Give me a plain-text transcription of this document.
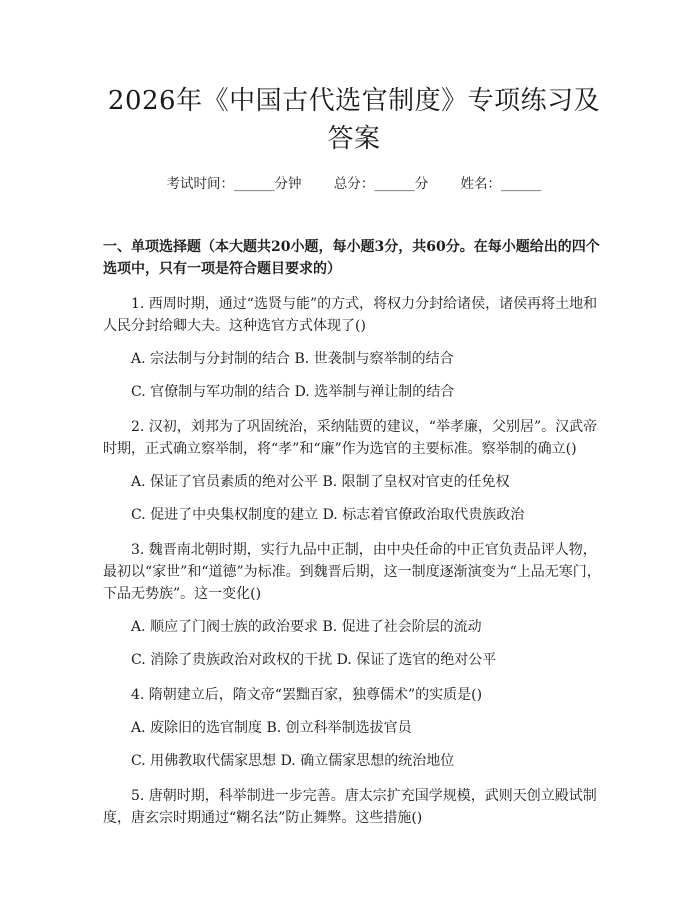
2026年《中国古代选官制度》专项练习及答案
考试时间：______分钟 总分：______分 姓名：______
一、单项选择题（本大题共20小题，每小题3分，共60分。在每小题给出的四个选项中，只有一项是符合题目要求的）
1. 西周时期，通过“选贤与能”的方式，将权力分封给诸侯，诸侯再将土地和人民分封给卿大夫。这种选官方式体现了()
A. 宗法制与分封制的结合 B. 世袭制与察举制的结合
C. 官僚制与军功制的结合 D. 选举制与禅让制的结合
2. 汉初，刘邦为了巩固统治，采纳陆贾的建议，“举孝廉，父别居”。汉武帝时期，正式确立察举制，将“孝”和“廉”作为选官的主要标准。察举制的确立()
A. 保证了官员素质的绝对公平 B. 限制了皇权对官吏的任免权
C. 促进了中央集权制度的建立 D. 标志着官僚政治取代贵族政治
3. 魏晋南北朝时期，实行九品中正制，由中央任命的中正官负责品评人物，最初以“家世”和“道德”为标准。到魏晋后期，这一制度逐渐演变为“上品无寒门，下品无势族”。这一变化()
A. 顺应了门阀士族的政治要求 B. 促进了社会阶层的流动
C. 消除了贵族政治对政权的干扰 D. 保证了选官的绝对公平
4. 隋朝建立后，隋文帝“罢黜百家，独尊儒术”的实质是()
A. 废除旧的选官制度 B. 创立科举制选拔官员
C. 用佛教取代儒家思想 D. 确立儒家思想的统治地位
5. 唐朝时期，科举制进一步完善。唐太宗扩充国学规模，武则天创立殿试制度，唐玄宗时期通过“糊名法”防止舞弊。这些措施()
